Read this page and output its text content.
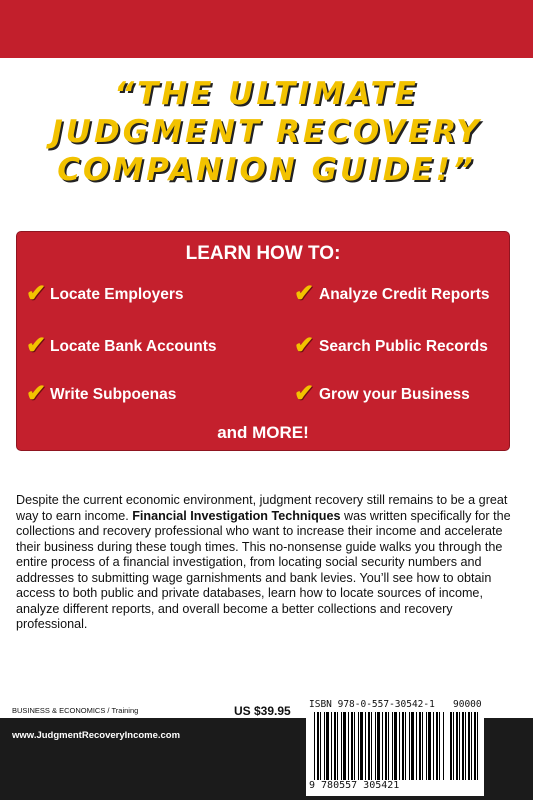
“THE ULTIMATE
JUDGMENT RECOVERY
COMPANION GUIDE!”
LEARN HOW TO:
✔ Locate Employers	✔ Analyze Credit Reports
✔ Locate Bank Accounts	✔ Search Public Records
✔ Write Subpoenas	✔ Grow your Business
and MORE!
Despite the current economic environment, judgment recovery still remains to be a great way to earn income. Financial Investigation Techniques was written specifically for the collections and recovery professional who want to increase their income and accelerate their business during these tough times. This no-nonsense guide walks you through the entire process of a financial investigation, from locating social security numbers and addresses to submitting wage garnishments and bank levies. You’ll see how to obtain access to both public and private databases, learn how to locate sources of income, analyze different reports, and overall become a better collections and recovery professional.
BUSINESS & ECONOMICS / Training	US $39.95
www.JudgmentRecoveryIncome.com
ISBN 978-0-557-30542-1 90000
9 780557 305421
